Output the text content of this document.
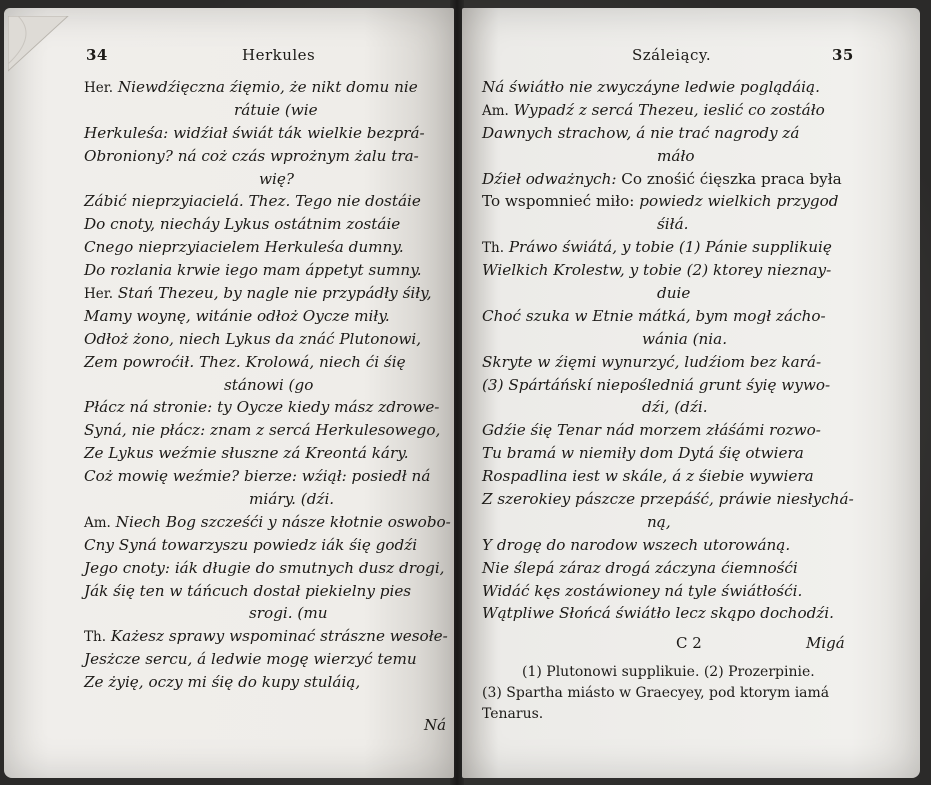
34	Herkules
Her. Niewdźięczna źięmio, że nikt domu nie
rátuie (wie
Herkuleśa: widźiał świát ták wielkie bezprá-
Obroniony? ná coż czás wprożnym żalu tra-
wię?
Zábić nieprzyiacielá. Thez. Tego nie dostáie
Do cnoty, niecháy Lykus ostátnim zostáie
Cnego nieprzyiacielem Herkuleśa dumny.
Do rozlania krwie iego mam áppetyt sumny.
Her. Stań Thezeu, by nagle nie przypádły śiły,
Mamy woynę, witánie odłoż Oycze miły.
Odłoż żono, niech Lykus da znáć Plutonowi,
Zem powroćił. Thez. Krolowá, niech ći śię
stánowi (go
Płácz ná stronie: ty Oycze kiedy mász zdrowe-
Syná, nie płácz: znam z sercá Herkulesowego,
Ze Lykus weźmie słuszne zá Kreontá káry.
Coż mowię weźmie? bierze: wźiął: posiedł ná
miáry. (dźi.
Am. Niech Bog szcześći y násze kłotnie oswobo-
Cny Syná towarzyszu powiedz iák śię godźi
Jego cnoty: iák długie do smutnych dusz drogi,
Ják śię ten w táńcuch dostał piekielny pies
srogi. (mu
Th. Każesz sprawy wspominać strászne wesołe-
Jesżcze sercu, á ledwie mogę wierzyć temu
Ze żyię, oczy mi śię do kupy stuláią,
Ná
Száleiący.	35
Ná świátło nie zwyczáyne ledwie poglądáią.
Am. Wypadź z sercá Thezeu, ieslić co zostáło
Dawnych strachow, á nie trać nagrody zá
máło
Dźieł odważnych: Co znośić ćięszka praca była
To wspomnieć miło: powiedz wielkich przygod
śiłá.
Th. Práwo świátá, y tobie (1) Pánie supplikuię
Wielkich Krolestw, y tobie (2) ktorey nieznay-
duie
Choć szuka w Etnie mátká, bym mogł zácho-
wánia (nia.
Skryte w źięmi wynurzyć, ludźiom bez kará-
(3) Spártáńskí niepośledniá grunt śyię wywo-
dźi, (dźi.
Gdźie śię Tenar nád morzem złáśámi rozwo-
Tu bramá w niemiły dom Dytá śię otwiera
Rospadlina iest w skále, á z śiebie wywiera
Z szerokiey pászcze przepáść, práwie niesłychá-
ną,
Y drogę do narodow wszech utorowáną.
Nie ślepá záraz drogá záczyna ćiemnośći
Widáć kęs zostáwioney ná tyle świátłośći.
Wątpliwe Słońcá świátło lecz skąpo dochodźi.
C 2	Migá
(1) Plutonowi supplikuie. (2) Prozerpinie.
(3) Spartha miásto w Graecyey, pod ktorym iamá
Tenarus.
